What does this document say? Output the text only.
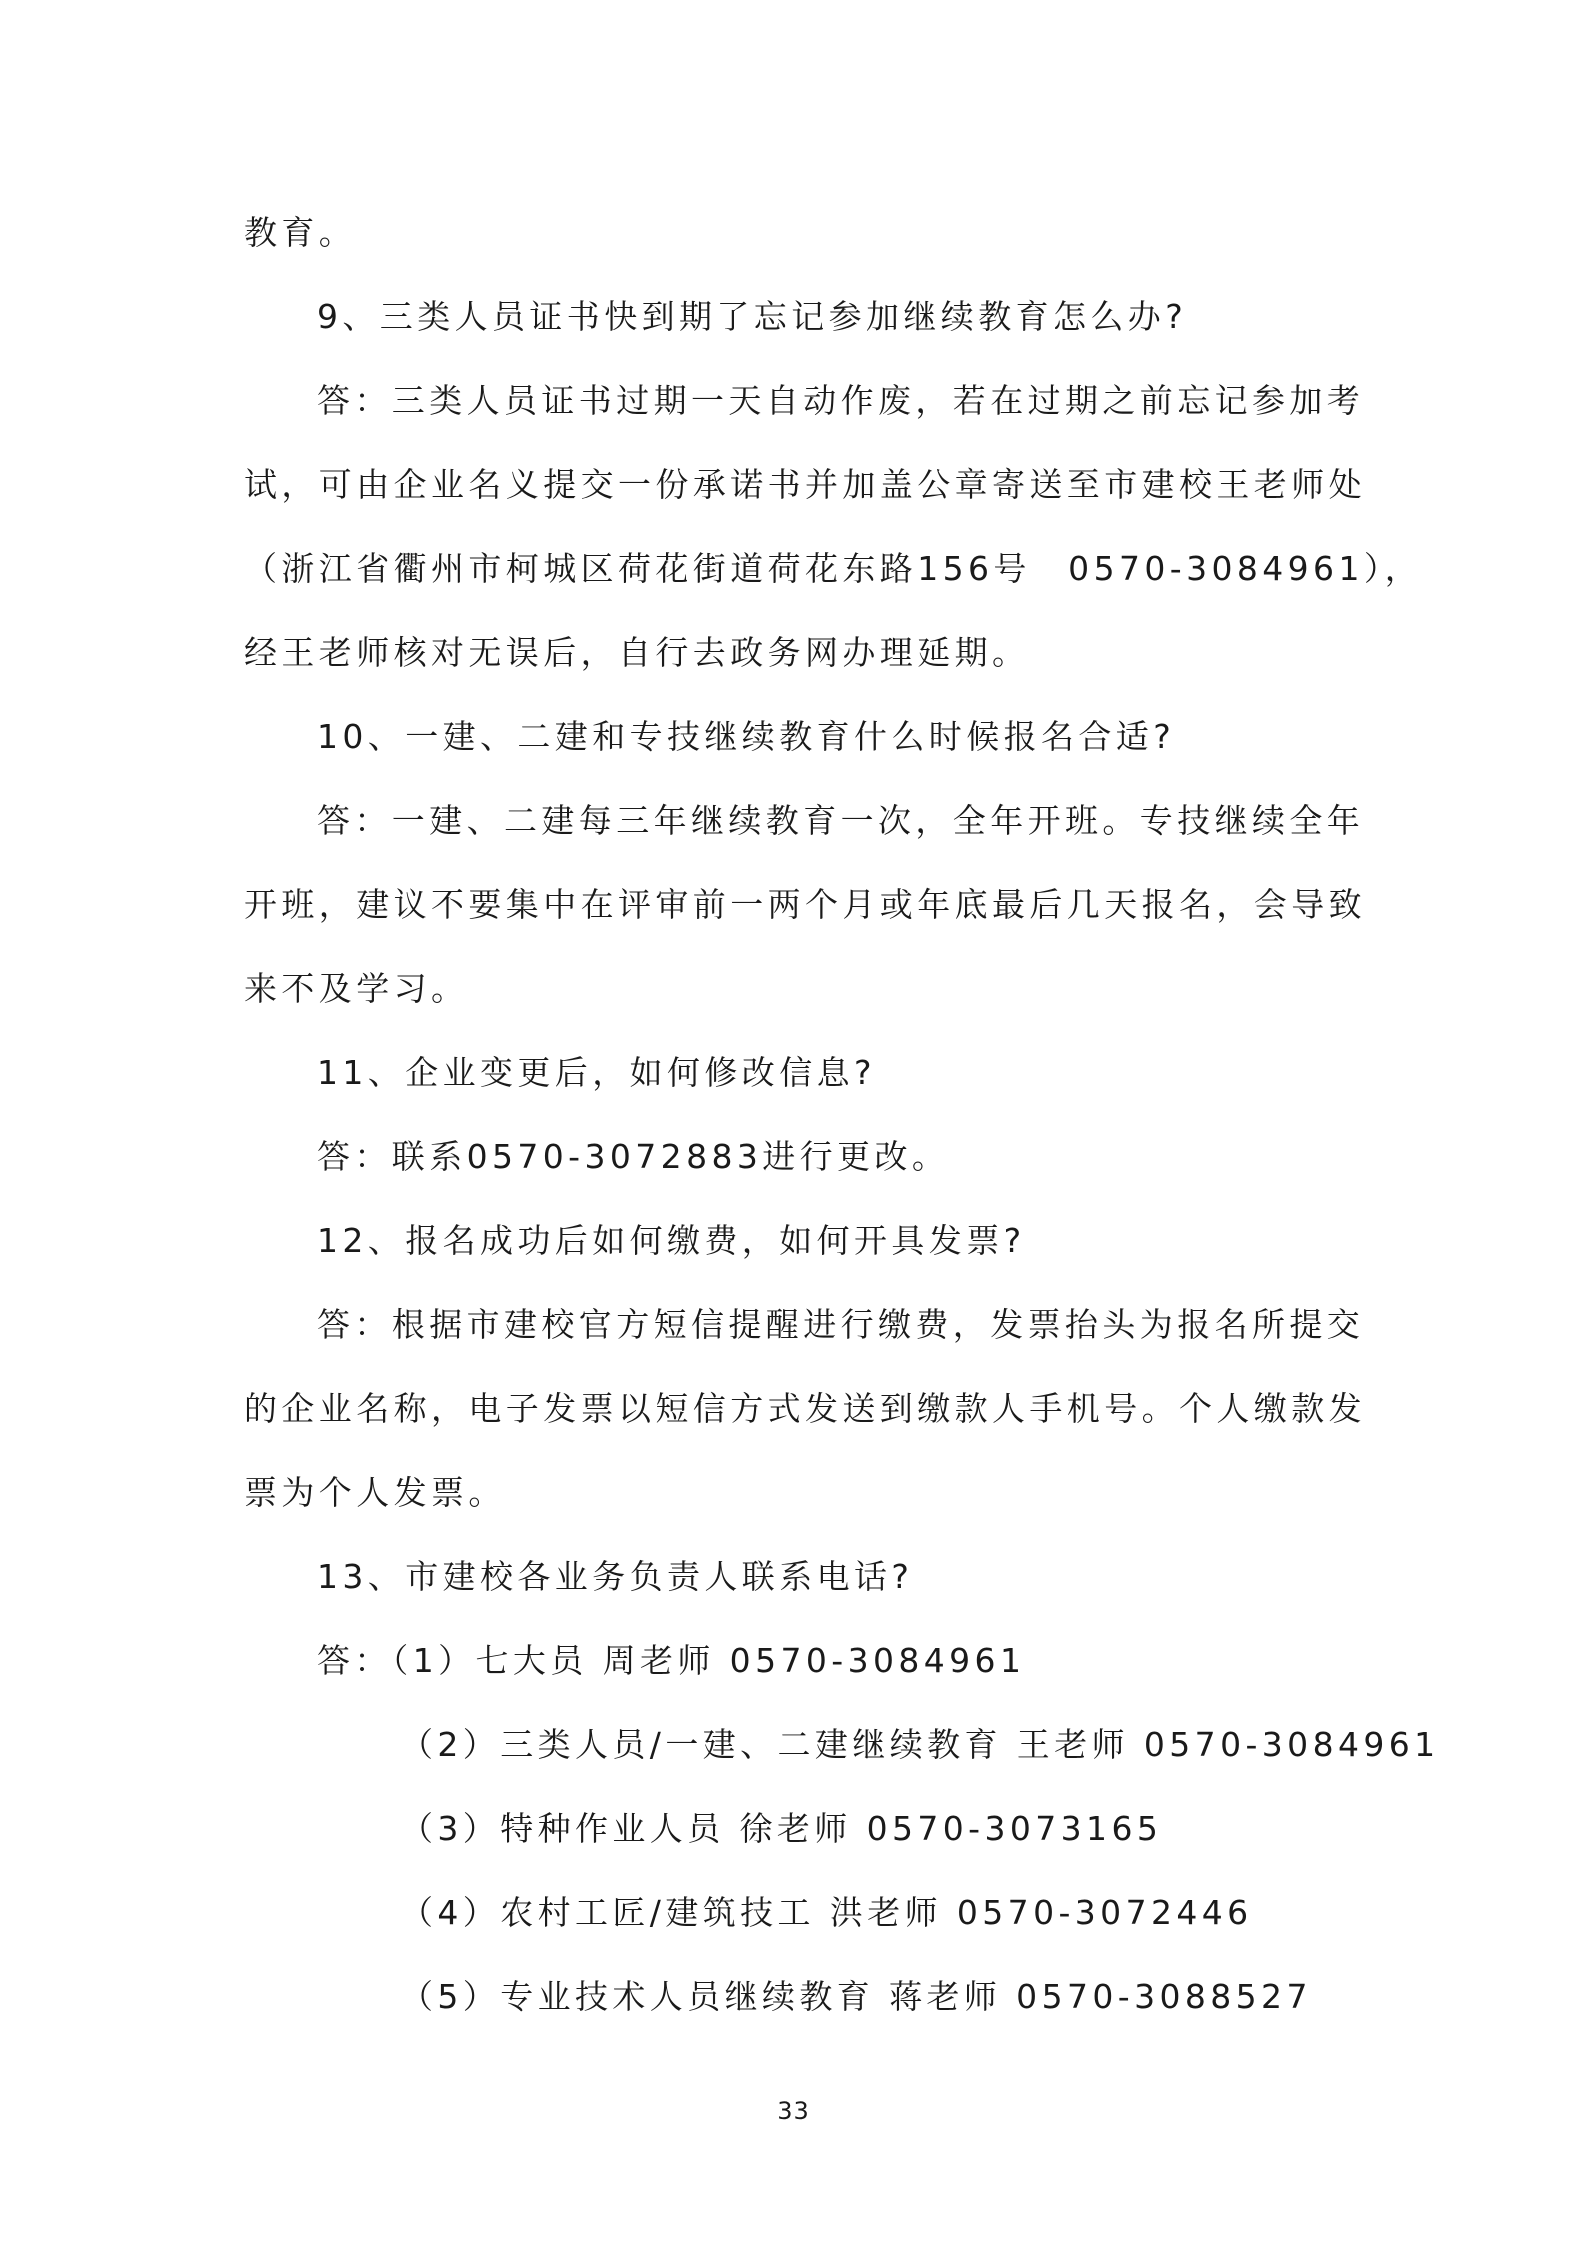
教育。
9、三类人员证书快到期了忘记参加继续教育怎么办?
答：三类人员证书过期一天自动作废，若在过期之前忘记参加考
试，可由企业名义提交一份承诺书并加盖公章寄送至市建校王老师处
（浙江省衢州市柯城区荷花街道荷花东路156号　0570-3084961），
经王老师核对无误后，自行去政务网办理延期。
10、一建、二建和专技继续教育什么时候报名合适?
答：一建、二建每三年继续教育一次，全年开班。专技继续全年
开班，建议不要集中在评审前一两个月或年底最后几天报名，会导致
来不及学习。
11、企业变更后，如何修改信息?
答：联系0570-3072883进行更改。
12、报名成功后如何缴费，如何开具发票?
答：根据市建校官方短信提醒进行缴费，发票抬头为报名所提交
的企业名称，电子发票以短信方式发送到缴款人手机号。个人缴款发
票为个人发票。
13、市建校各业务负责人联系电话?
答：（1）七大员 周老师 0570-3084961
（2）三类人员/一建、二建继续教育 王老师 0570-3084961
（3）特种作业人员 徐老师 0570-3073165
（4）农村工匠/建筑技工 洪老师 0570-3072446
（5）专业技术人员继续教育 蒋老师 0570-3088527
33
